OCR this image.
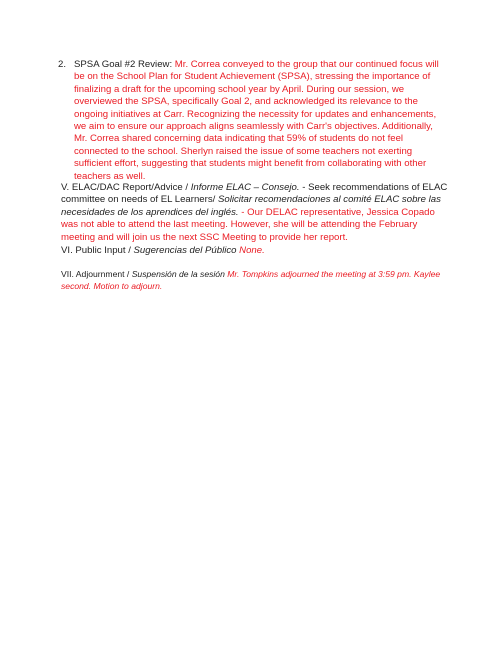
2. SPSA Goal #2 Review: Mr. Correa conveyed to the group that our continued focus will be on the School Plan for Student Achievement (SPSA), stressing the importance of finalizing a draft for the upcoming school year by April. During our session, we overviewed the SPSA, specifically Goal 2, and acknowledged its relevance to the ongoing initiatives at Carr. Recognizing the necessity for updates and enhancements, we aim to ensure our approach aligns seamlessly with Carr's objectives. Additionally, Mr. Correa shared concerning data indicating that 59% of students do not feel connected to the school. Sherlyn raised the issue of some teachers not exerting sufficient effort, suggesting that students might benefit from collaborating with other teachers as well.
V. ELAC/DAC Report/Advice / Informe ELAC – Consejo. - Seek recommendations of ELAC committee on needs of EL Learners/ Solicitar recomendaciones al comité ELAC sobre las necesidades de los aprendices del inglés. - Our DELAC representative, Jessica Copado was not able to attend the last meeting. However, she will be attending the February meeting and will join us the next SSC Meeting to provide her report.
VI. Public Input / Sugerencias del Público None.
VII. Adjournment / Suspensión de la sesión Mr. Tompkins adjourned the meeting at 3:59 pm. Kaylee second. Motion to adjourn.
